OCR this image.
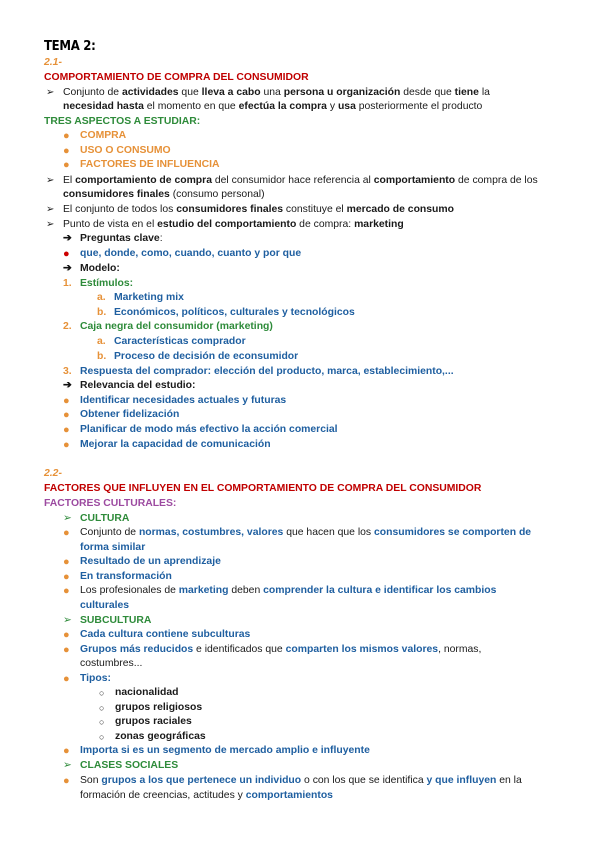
TEMA 2:
2.1-
COMPORTAMIENTO DE COMPRA DEL CONSUMIDOR
➢ Conjunto de actividades que lleva a cabo una persona u organización desde que tiene la
necesidad hasta el momento en que efectúa la compra y usa posteriormente el producto
TRES ASPECTOS A ESTUDIAR:
● COMPRA
● USO O CONSUMO
● FACTORES DE INFLUENCIA
➢ El comportamiento de compra del consumidor hace referencia al comportamiento de compra de los
consumidores finales (consumo personal)
➢ El conjunto de todos los consumidores finales constituye el mercado de consumo
➢ Punto de vista en el estudio del comportamiento de compra: marketing
➔ Preguntas clave:
● que, donde, como, cuando, cuanto y por que
➔ Modelo:
1. Estímulos:
a. Marketing mix
b. Económicos, políticos, culturales y tecnológicos
2. Caja negra del consumidor (marketing)
a. Características comprador
b. Proceso de decisión de econsumidor
3. Respuesta del comprador: elección del producto, marca, establecimiento,...
➔ Relevancia del estudio:
● Identificar necesidades actuales y futuras
● Obtener fidelización
● Planificar de modo más efectivo la acción comercial
● Mejorar la capacidad de comunicación
2.2-
FACTORES QUE INFLUYEN EN EL COMPORTAMIENTO DE COMPRA DEL CONSUMIDOR
FACTORES CULTURALES:
➢ CULTURA
● Conjunto de normas, costumbres, valores que hacen que los consumidores se comporten de
forma similar
● Resultado de un aprendizaje
● En transformación
● Los profesionales de marketing deben comprender la cultura e identificar los cambios
culturales
➢ SUBCULTURA
● Cada cultura contiene subculturas
● Grupos más reducidos e identificados que comparten los mismos valores, normas,
costumbres...
● Tipos:
○ nacionalidad
○ grupos religiosos
○ grupos raciales
○ zonas geográficas
● Importa si es un segmento de mercado amplio e influyente
➢ CLASES SOCIALES
● Son grupos a los que pertenece un individuo o con los que se identifica y que influyen en la
formación de creencias, actitudes y comportamientos
